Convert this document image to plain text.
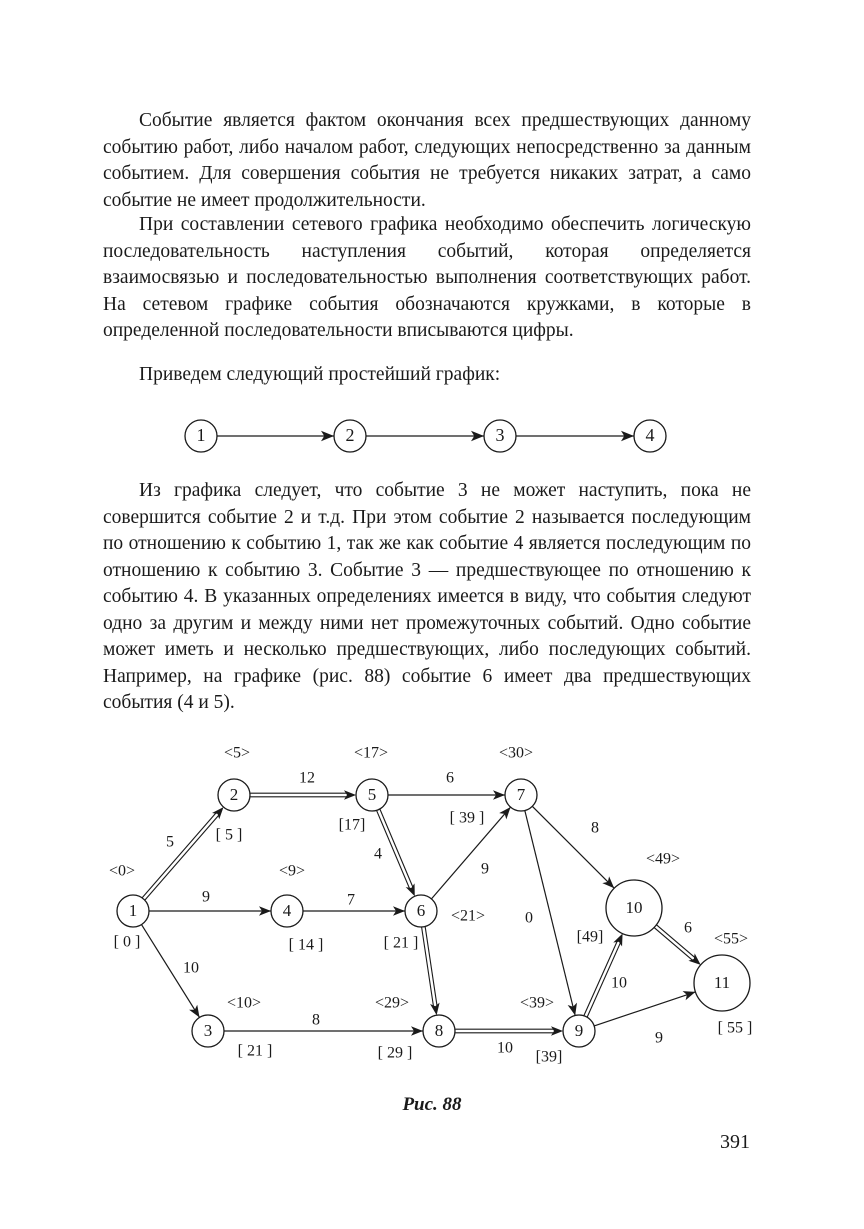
Событие является фактом окончания всех предшествующих данному событию работ, либо началом работ, следующих непосредственно за данным событием. Для совершения события не требуется никаких затрат, а само событие не имеет продолжительности.

При составлении сетевого графика необходимо обеспечить логическую последовательность наступления событий, которая определяется взаимосвязью и последовательностью выполнения соответствующих работ. На сетевом графике события обозначаются кружками, в которые в определенной последовательности вписываются цифры.

Приведем следующий простейший график:

1	2	3	4

Из графика следует, что событие 3 не может наступить, пока не совершится событие 2 и т.д. При этом событие 2 называется последующим по отношению к событию 1, так же как событие 4 является последующим по отношению к событию 3. Событие 3 — предшествующее по отношению к событию 4. В указанных определениях имеется в виду, что события следуют одно за другим и между ними нет промежуточных событий. Одно событие может иметь и несколько предшествующих, либо последующих событий. Например, на графике (рис. 88) событие 6 имеет два предшествующих события (4 и 5).

1
2
3
4
5
6
7
8	9
10
11
5
9
10
12	6
4
7
9
8
8
0
10
10
9
6
<0>
[ 0 ]
<5>
[ 5 ]
<10>
[ 21 ]
<9>
[ 14 ]
<17>
[17]
<21>
[ 21 ]
<30>
[ 39 ]
<29>
[ 29 ]
<39>
[39]
<49>
[49]	<55>
[ 55 ]
Рис. 88
391
